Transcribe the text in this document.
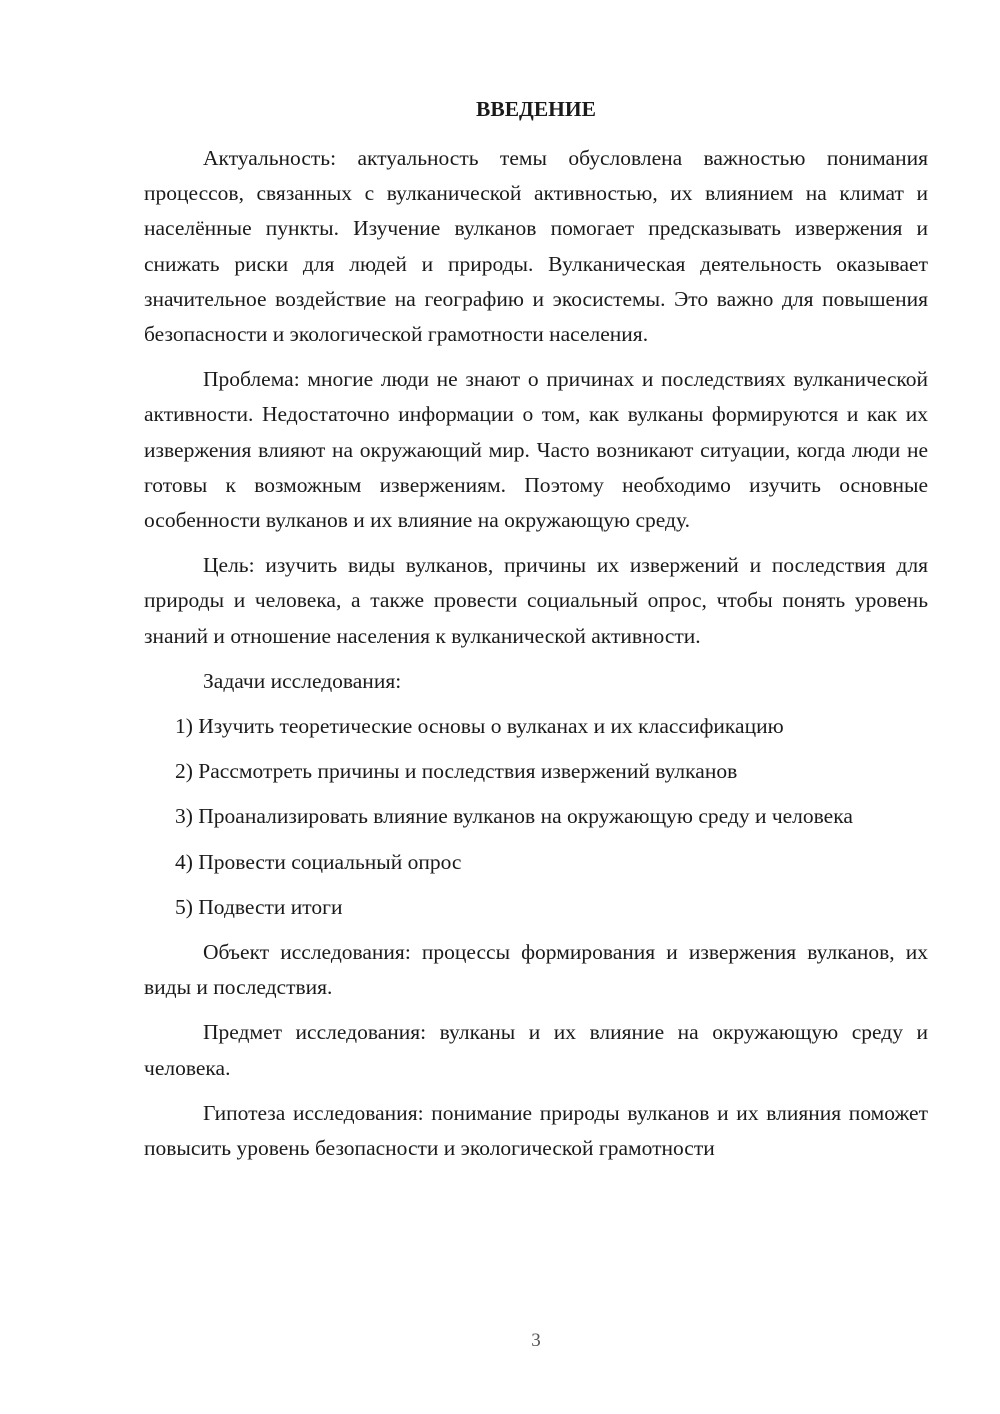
ВВЕДЕНИЕ

Актуальность: актуальность темы обусловлена важностью понимания процессов, связанных с вулканической активностью, их влиянием на климат и населённые пункты. Изучение вулканов помогает предсказывать извержения и снижать риски для людей и природы. Вулканическая деятельность оказывает значительное воздействие на географию и экосистемы. Это важно для повышения безопасности и экологической грамотности населения.

Проблема: многие люди не знают о причинах и последствиях вулканической активности. Недостаточно информации о том, как вулканы формируются и как их извержения влияют на окружающий мир. Часто возникают ситуации, когда люди не готовы к возможным извержениям. Поэтому необходимо изучить основные особенности вулканов и их влияние на окружающую среду.

Цель: изучить виды вулканов, причины их извержений и последствия для природы и человека, а также провести социальный опрос, чтобы понять уровень знаний и отношение населения к вулканической активности.

Задачи исследования:

1) Изучить теоретические основы о вулканах и их классификацию

2) Рассмотреть причины и последствия извержений вулканов

3) Проанализировать влияние вулканов на окружающую среду и человека

4) Провести социальный опрос

5) Подвести итоги

Объект исследования: процессы формирования и извержения вулканов, их виды и последствия.

Предмет исследования: вулканы и их влияние на окружающую среду и человека.

Гипотеза исследования: понимание природы вулканов и их влияния поможет повысить уровень безопасности и экологической грамотности

3
